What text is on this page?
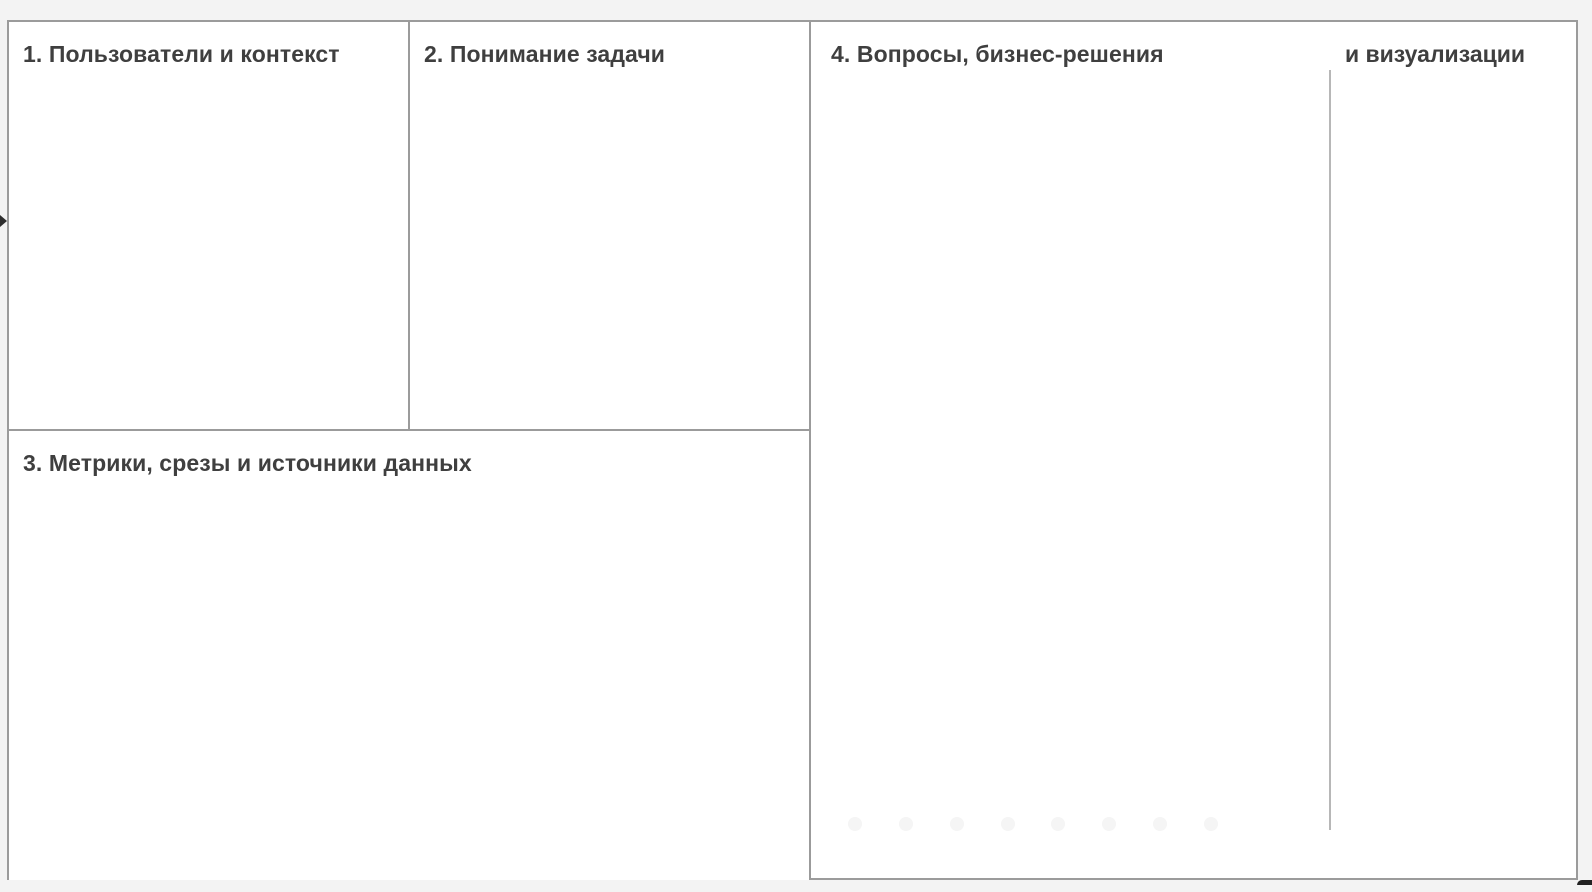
1. Пользователи и контекст	2. Понимание задачи
3. Метрики, срезы и источники данных
4. Вопросы, бизнес-решения	и визуализации
